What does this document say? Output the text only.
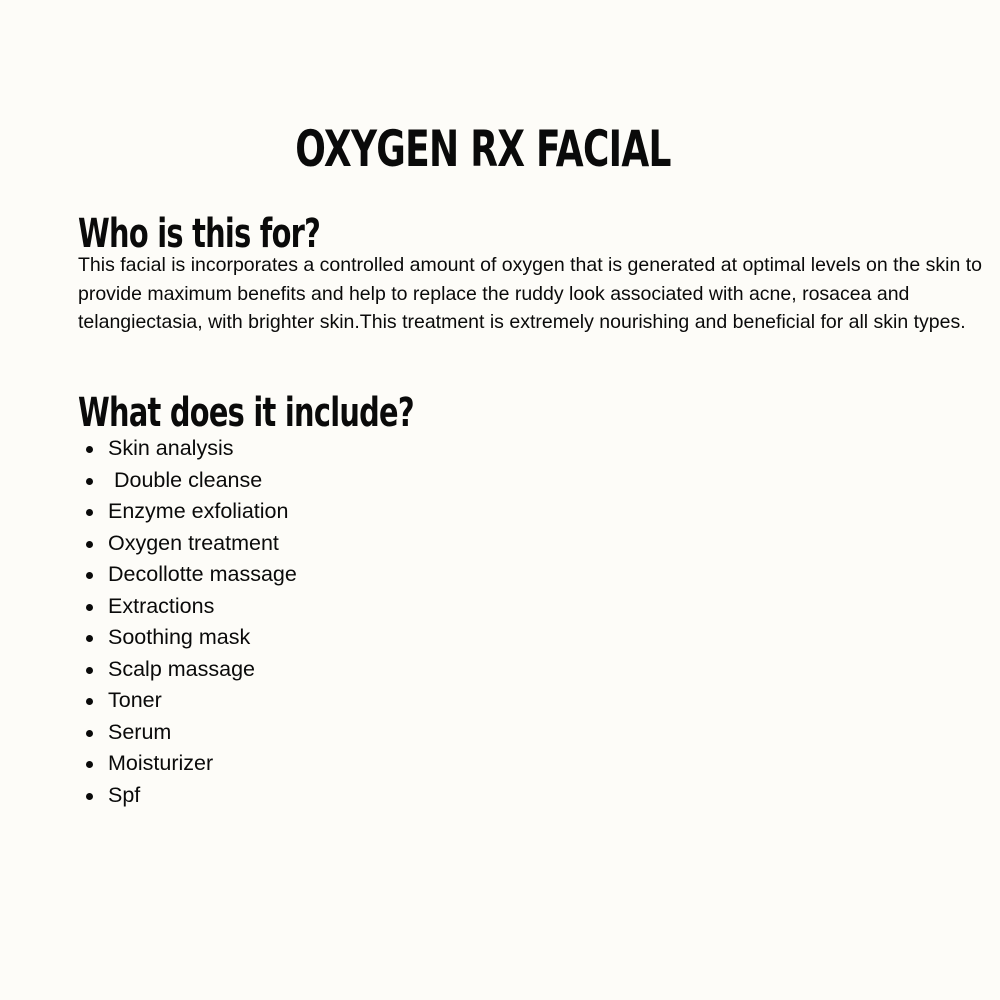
OXYGEN RX FACIAL
Who is this for?

This facial is incorporates a controlled amount of oxygen that is generated at optimal levels on the skin to provide maximum benefits and help to replace the ruddy look associated with acne, rosacea and telangiectasia, with brighter skin.This treatment is extremely nourishing and beneficial for all skin types.

What does it include?
Skin analysis
Double cleanse
Enzyme exfoliation
Oxygen treatment
Decollotte massage
Extractions
Soothing mask
Scalp massage
Toner
Serum
Moisturizer
Spf
